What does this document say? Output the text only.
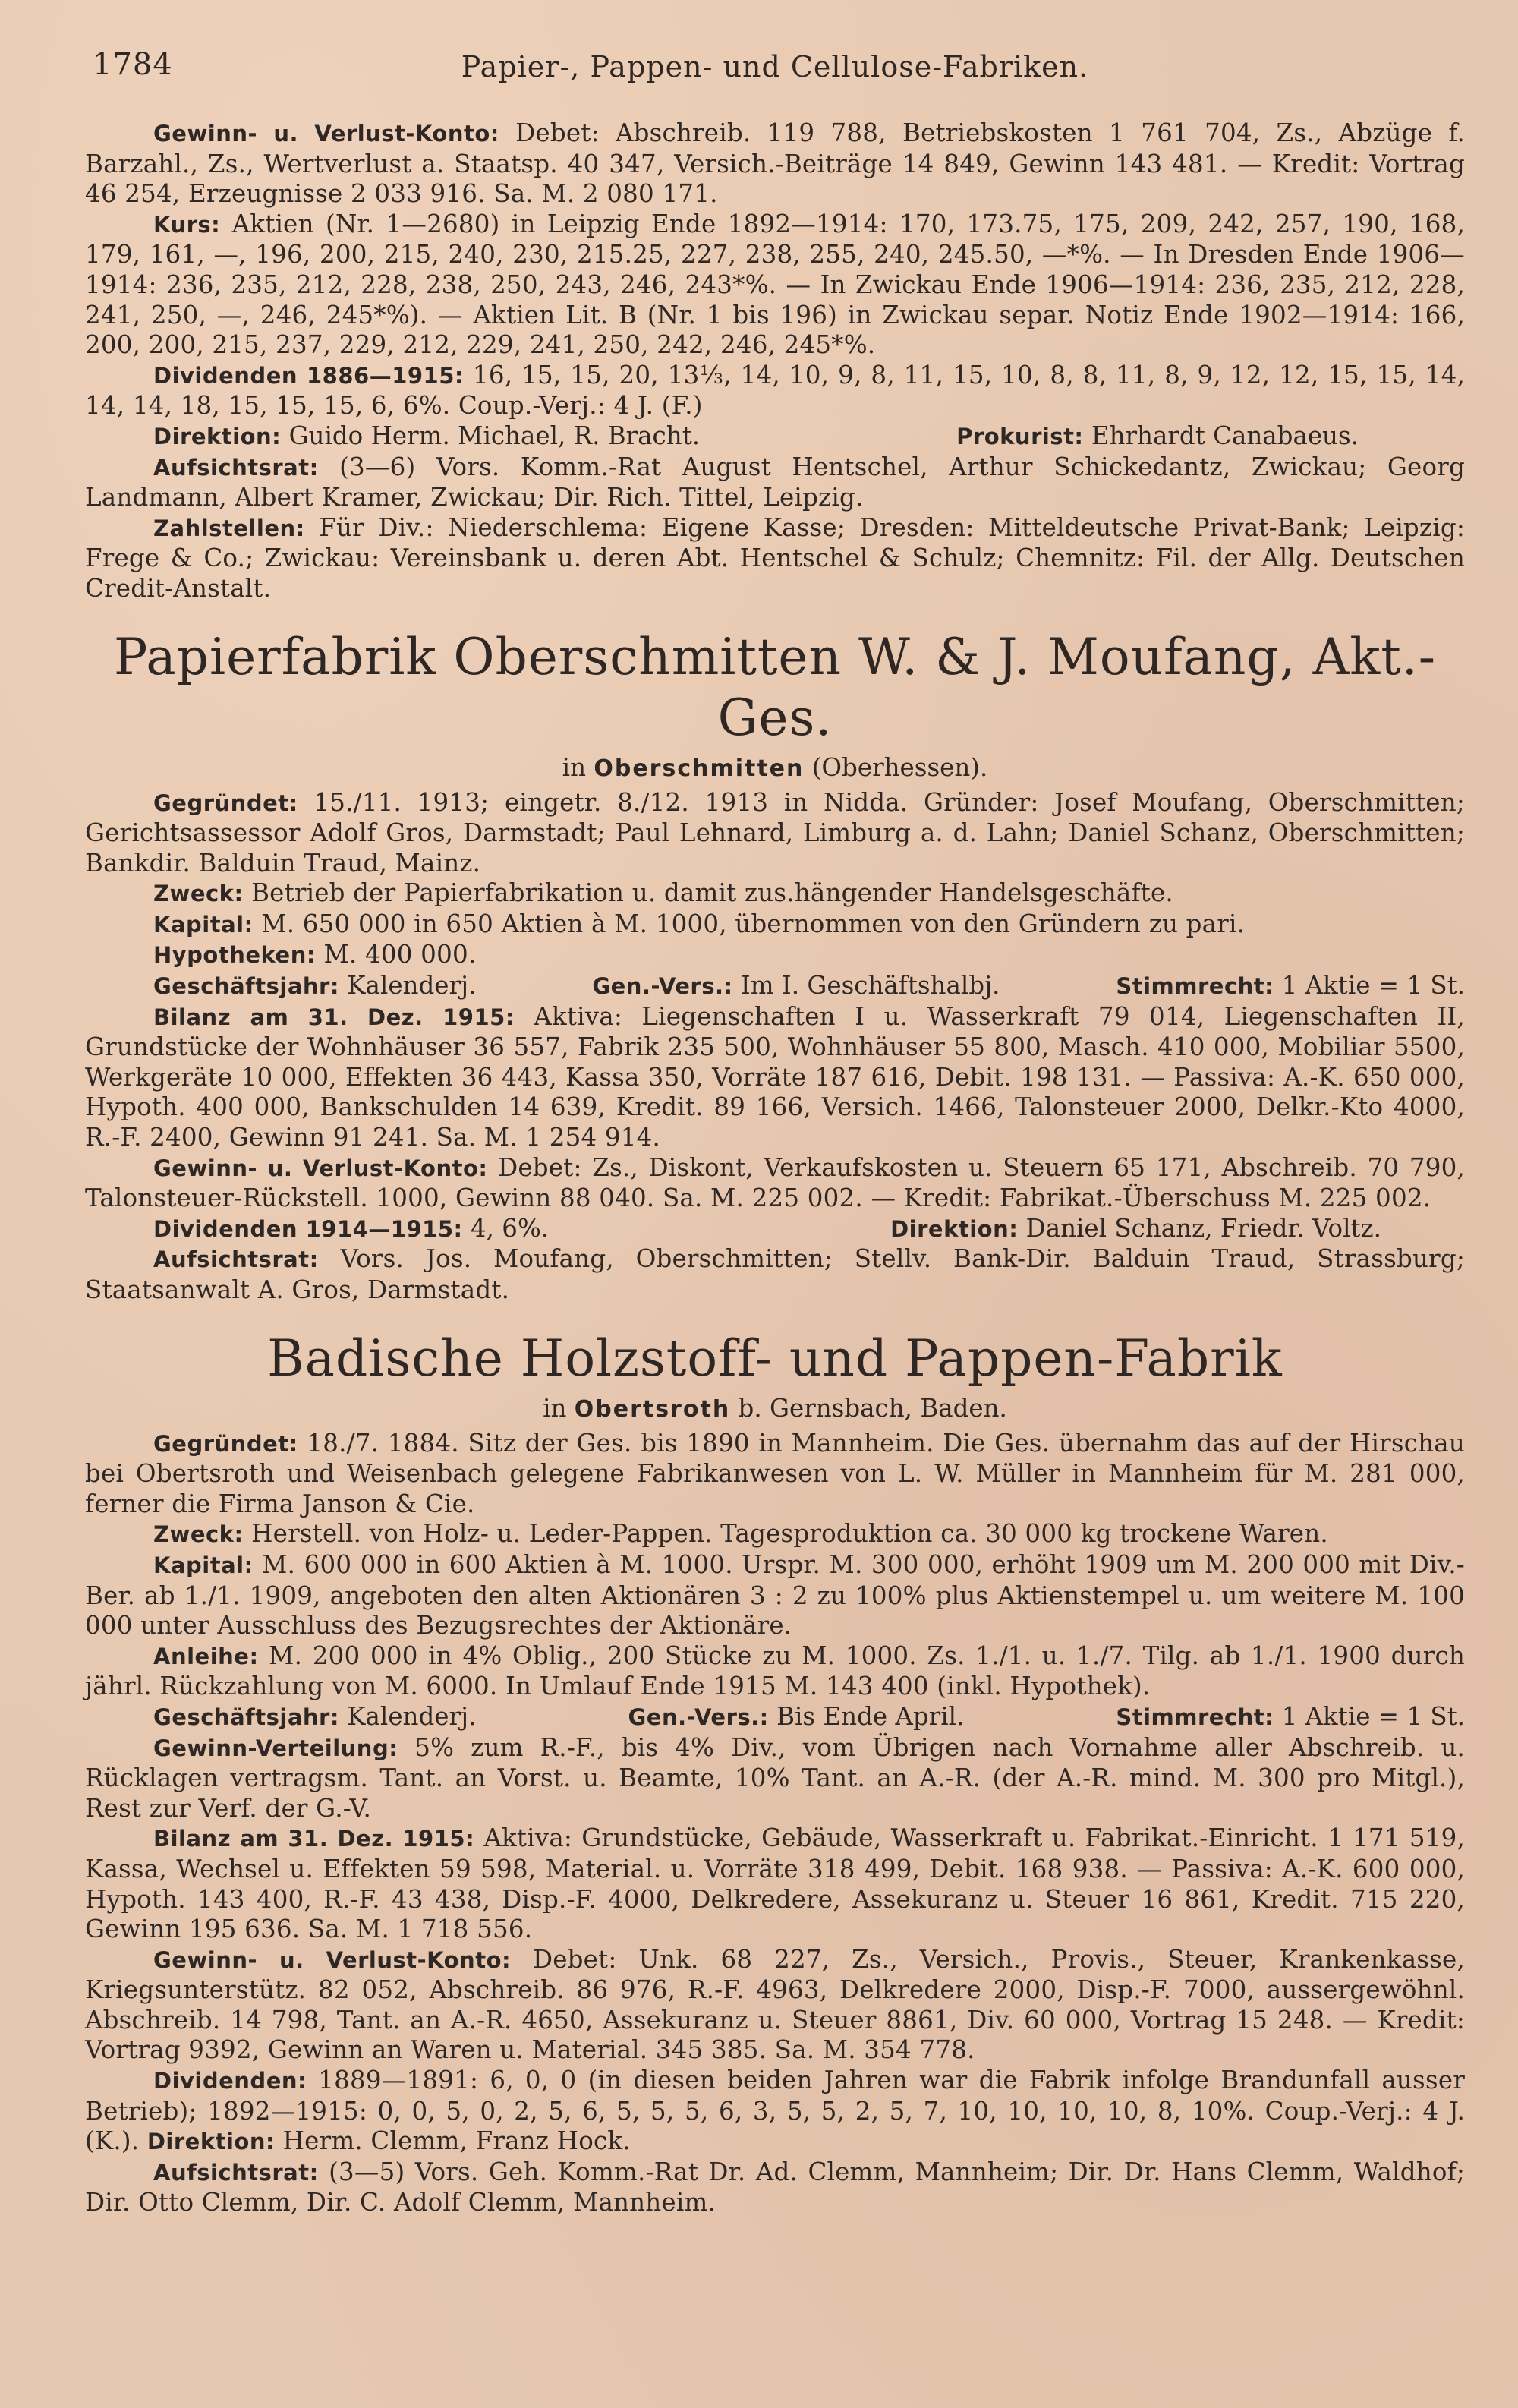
1784	Papier-, Pappen- und Cellulose-Fabriken.

Gewinn- u. Verlust-Konto: Debet: Abschreib. 119 788, Betriebskosten 1 761 704, Zs., Abzüge f. Barzahl., Zs., Wertverlust a. Staatsp. 40 347, Versich.-Beiträge 14 849, Gewinn 143 481. — Kredit: Vortrag 46 254, Erzeugnisse 2 033 916. Sa. M. 2 080 171.

Kurs: Aktien (Nr. 1—2680) in Leipzig Ende 1892—1914: 170, 173.75, 175, 209, 242, 257, 190, 168, 179, 161, —, 196, 200, 215, 240, 230, 215.25, 227, 238, 255, 240, 245.50, —*%. — In Dresden Ende 1906—1914: 236, 235, 212, 228, 238, 250, 243, 246, 243*%. — In Zwickau Ende 1906—1914: 236, 235, 212, 228, 241, 250, —, 246, 245*%). — Aktien Lit. B (Nr. 1 bis 196) in Zwickau separ. Notiz Ende 1902—1914: 166, 200, 200, 215, 237, 229, 212, 229, 241, 250, 242, 246, 245*%.

Dividenden 1886—1915: 16, 15, 15, 20, 13⅓, 14, 10, 9, 8, 11, 15, 10, 8, 8, 11, 8, 9, 12, 12, 15, 15, 14, 14, 14, 18, 15, 15, 15, 6, 6%. Coup.-Verj.: 4 J. (F.)

Direktion: Guido Herm. Michael, R. Bracht.	Prokurist: Ehrhardt Canabaeus.

Aufsichtsrat: (3—6) Vors. Komm.-Rat August Hentschel, Arthur Schickedantz, Zwickau; Georg Landmann, Albert Kramer, Zwickau; Dir. Rich. Tittel, Leipzig.

Zahlstellen: Für Div.: Niederschlema: Eigene Kasse; Dresden: Mitteldeutsche Privat-Bank; Leipzig: Frege & Co.; Zwickau: Vereinsbank u. deren Abt. Hentschel & Schulz; Chemnitz: Fil. der Allg. Deutschen Credit-Anstalt.

Papierfabrik Oberschmitten W. & J. Moufang, Akt.-Ges.
in Oberschmitten (Oberhessen).

Gegründet: 15./11. 1913; eingetr. 8./12. 1913 in Nidda. Gründer: Josef Moufang, Oberschmitten; Gerichtsassessor Adolf Gros, Darmstadt; Paul Lehnard, Limburg a. d. Lahn; Daniel Schanz, Oberschmitten; Bankdir. Balduin Traud, Mainz.

Zweck: Betrieb der Papierfabrikation u. damit zus.hängender Handelsgeschäfte.

Kapital: M. 650 000 in 650 Aktien à M. 1000, übernommen von den Gründern zu pari.

Hypotheken: M. 400 000.

Geschäftsjahr: Kalenderj.	Gen.-Vers.: Im I. Geschäftshalbj.	Stimmrecht: 1 Aktie = 1 St.

Bilanz am 31. Dez. 1915: Aktiva: Liegenschaften I u. Wasserkraft 79 014, Liegenschaften II, Grundstücke der Wohnhäuser 36 557, Fabrik 235 500, Wohnhäuser 55 800, Masch. 410 000, Mobiliar 5500, Werkgeräte 10 000, Effekten 36 443, Kassa 350, Vorräte 187 616, Debit. 198 131. — Passiva: A.-K. 650 000, Hypoth. 400 000, Bankschulden 14 639, Kredit. 89 166, Versich. 1466, Talonsteuer 2000, Delkr.-Kto 4000, R.-F. 2400, Gewinn 91 241. Sa. M. 1 254 914.

Gewinn- u. Verlust-Konto: Debet: Zs., Diskont, Verkaufskosten u. Steuern 65 171, Abschreib. 70 790, Talonsteuer-Rückstell. 1000, Gewinn 88 040. Sa. M. 225 002. — Kredit: Fabrikat.-Überschuss M. 225 002.

Dividenden 1914—1915: 4, 6%.	Direktion: Daniel Schanz, Friedr. Voltz.

Aufsichtsrat: Vors. Jos. Moufang, Oberschmitten; Stellv. Bank-Dir. Balduin Traud, Strassburg; Staatsanwalt A. Gros, Darmstadt.

Badische Holzstoff- und Pappen-Fabrik
in Obertsroth b. Gernsbach, Baden.

Gegründet: 18./7. 1884. Sitz der Ges. bis 1890 in Mannheim. Die Ges. übernahm das auf der Hirschau bei Obertsroth und Weisenbach gelegene Fabrikanwesen von L. W. Müller in Mannheim für M. 281 000, ferner die Firma Janson & Cie.

Zweck: Herstell. von Holz- u. Leder-Pappen. Tagesproduktion ca. 30 000 kg trockene Waren.

Kapital: M. 600 000 in 600 Aktien à M. 1000. Urspr. M. 300 000, erhöht 1909 um M. 200 000 mit Div.-Ber. ab 1./1. 1909, angeboten den alten Aktionären 3 : 2 zu 100% plus Aktienstempel u. um weitere M. 100 000 unter Ausschluss des Bezugsrechtes der Aktionäre.

Anleihe: M. 200 000 in 4% Oblig., 200 Stücke zu M. 1000. Zs. 1./1. u. 1./7. Tilg. ab 1./1. 1900 durch jährl. Rückzahlung von M. 6000. In Umlauf Ende 1915 M. 143 400 (inkl. Hypothek).

Geschäftsjahr: Kalenderj.	Gen.-Vers.: Bis Ende April.	Stimmrecht: 1 Aktie = 1 St.

Gewinn-Verteilung: 5% zum R.-F., bis 4% Div., vom Übrigen nach Vornahme aller Abschreib. u. Rücklagen vertragsm. Tant. an Vorst. u. Beamte, 10% Tant. an A.-R. (der A.-R. mind. M. 300 pro Mitgl.), Rest zur Verf. der G.-V.

Bilanz am 31. Dez. 1915: Aktiva: Grundstücke, Gebäude, Wasserkraft u. Fabrikat.-Einricht. 1 171 519, Kassa, Wechsel u. Effekten 59 598, Material. u. Vorräte 318 499, Debit. 168 938. — Passiva: A.-K. 600 000, Hypoth. 143 400, R.-F. 43 438, Disp.-F. 4000, Delkredere, Assekuranz u. Steuer 16 861, Kredit. 715 220, Gewinn 195 636. Sa. M. 1 718 556.

Gewinn- u. Verlust-Konto: Debet: Unk. 68 227, Zs., Versich., Provis., Steuer, Krankenkasse, Kriegsunterstütz. 82 052, Abschreib. 86 976, R.-F. 4963, Delkredere 2000, Disp.-F. 7000, aussergewöhnl. Abschreib. 14 798, Tant. an A.-R. 4650, Assekuranz u. Steuer 8861, Div. 60 000, Vortrag 15 248. — Kredit: Vortrag 9392, Gewinn an Waren u. Material. 345 385. Sa. M. 354 778.

Dividenden: 1889—1891: 6, 0, 0 (in diesen beiden Jahren war die Fabrik infolge Brandunfall ausser Betrieb); 1892—1915: 0, 0, 5, 0, 2, 5, 6, 5, 5, 5, 6, 3, 5, 5, 2, 5, 7, 10, 10, 10, 10, 8, 10%. Coup.-Verj.: 4 J. (K.). Direktion: Herm. Clemm, Franz Hock.

Aufsichtsrat: (3—5) Vors. Geh. Komm.-Rat Dr. Ad. Clemm, Mannheim; Dir. Dr. Hans Clemm, Waldhof; Dir. Otto Clemm, Dir. C. Adolf Clemm, Mannheim.
